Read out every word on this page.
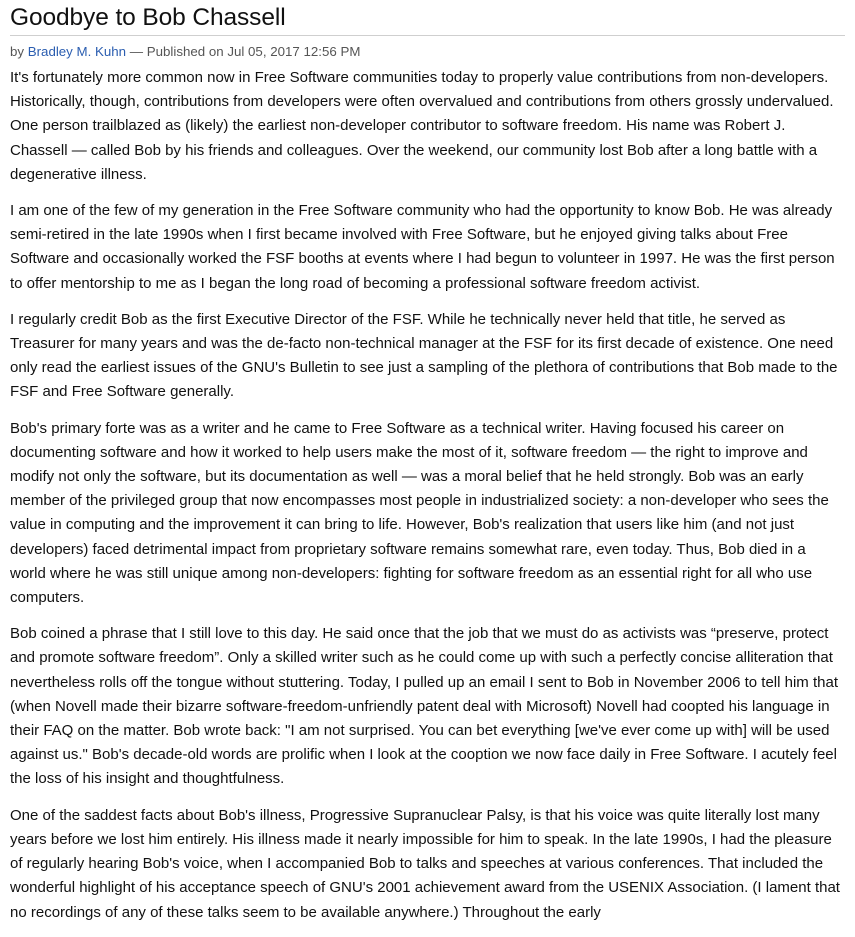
Goodbye to Bob Chassell
by Bradley M. Kuhn — Published on Jul 05, 2017 12:56 PM

It's fortunately more common now in Free Software communities today to properly value contributions from non-developers. Historically, though, contributions from developers were often overvalued and contributions from others grossly undervalued. One person trailblazed as (likely) the earliest non-developer contributor to software freedom. His name was Robert J. Chassell — called Bob by his friends and colleagues. Over the weekend, our community lost Bob after a long battle with a degenerative illness.

I am one of the few of my generation in the Free Software community who had the opportunity to know Bob. He was already semi-retired in the late 1990s when I first became involved with Free Software, but he enjoyed giving talks about Free Software and occasionally worked the FSF booths at events where I had begun to volunteer in 1997. He was the first person to offer mentorship to me as I began the long road of becoming a professional software freedom activist.

I regularly credit Bob as the first Executive Director of the FSF. While he technically never held that title, he served as Treasurer for many years and was the de-facto non-technical manager at the FSF for its first decade of existence. One need only read the earliest issues of the GNU's Bulletin to see just a sampling of the plethora of contributions that Bob made to the FSF and Free Software generally.

Bob's primary forte was as a writer and he came to Free Software as a technical writer. Having focused his career on documenting software and how it worked to help users make the most of it, software freedom — the right to improve and modify not only the software, but its documentation as well — was a moral belief that he held strongly. Bob was an early member of the privileged group that now encompasses most people in industrialized society: a non-developer who sees the value in computing and the improvement it can bring to life. However, Bob's realization that users like him (and not just developers) faced detrimental impact from proprietary software remains somewhat rare, even today. Thus, Bob died in a world where he was still unique among non-developers: fighting for software freedom as an essential right for all who use computers.

Bob coined a phrase that I still love to this day. He said once that the job that we must do as activists was “preserve, protect and promote software freedom”. Only a skilled writer such as he could come up with such a perfectly concise alliteration that nevertheless rolls off the tongue without stuttering. Today, I pulled up an email I sent to Bob in November 2006 to tell him that (when Novell made their bizarre software-freedom-unfriendly patent deal with Microsoft) Novell had coopted his language in their FAQ on the matter. Bob wrote back: "I am not surprised. You can bet everything [we've ever come up with] will be used against us." Bob's decade-old words are prolific when I look at the cooption we now face daily in Free Software. I acutely feel the loss of his insight and thoughtfulness.

One of the saddest facts about Bob's illness, Progressive Supranuclear Palsy, is that his voice was quite literally lost many years before we lost him entirely. His illness made it nearly impossible for him to speak. In the late 1990s, I had the pleasure of regularly hearing Bob's voice, when I accompanied Bob to talks and speeches at various conferences. That included the wonderful highlight of his acceptance speech of GNU's 2001 achievement award from the USENIX Association. (I lament that no recordings of any of these talks seem to be available anywhere.) Throughout the early
